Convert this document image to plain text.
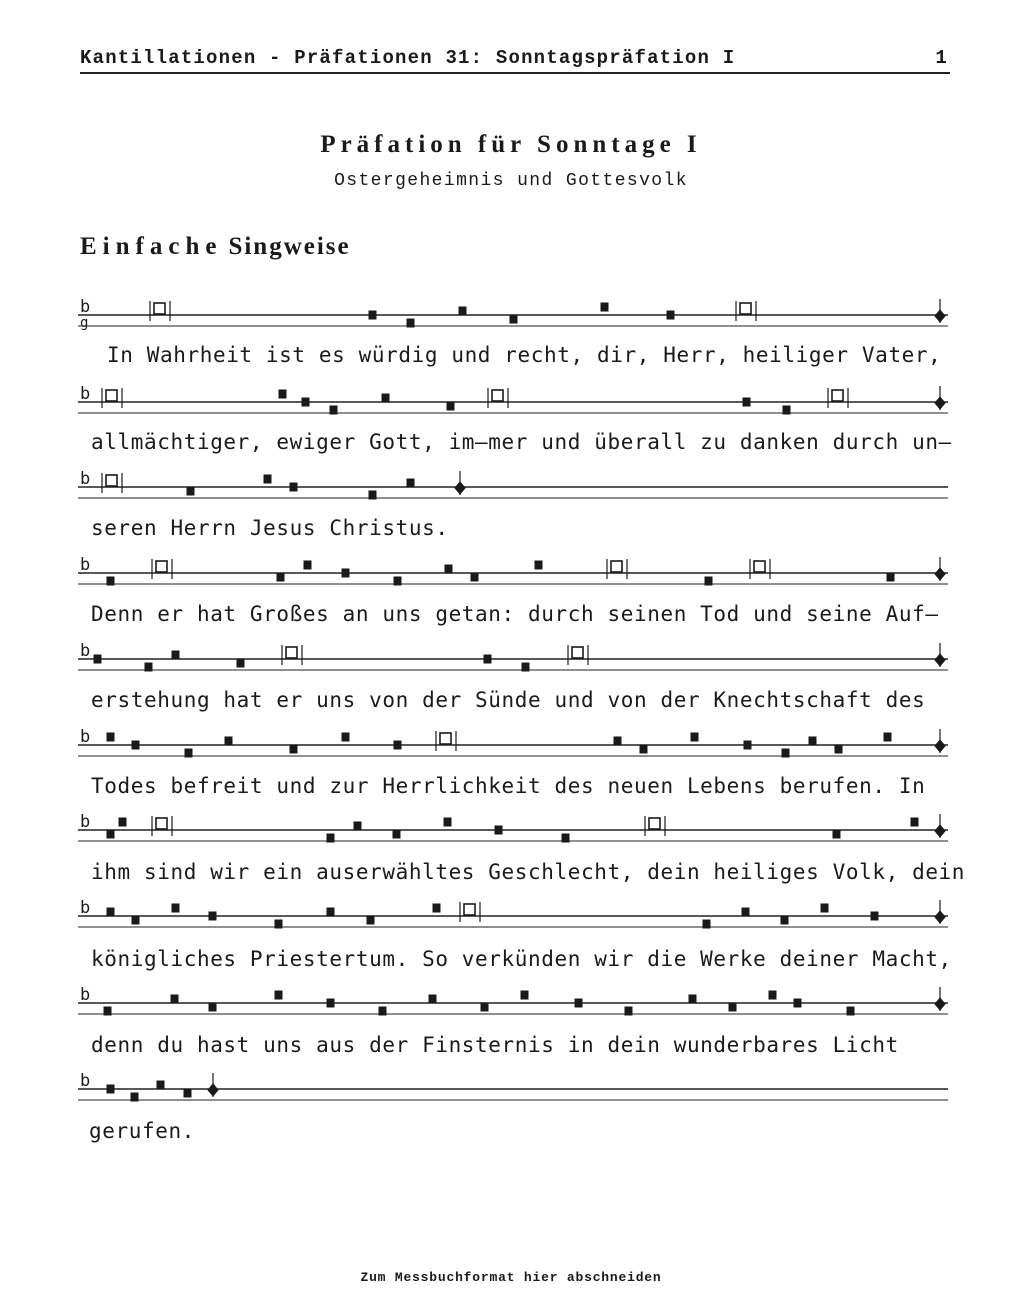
Kantillationen - Präfationen 31: Sonntagspräfation I	1
Präfation für Sonntage I
Ostergeheimnis und Gottesvolk
Einfache Singweise
b
g
b
b
b
b
b
b
b
b
b
In Wahrheit ist es würdig und recht, dir, Herr, heiliger Vater,
allmächtiger, ewiger Gott, im—mer und überall zu danken durch un—
seren Herrn Jesus Christus.
Denn er hat Großes an uns getan: durch seinen Tod und seine Auf—
erstehung hat er uns von der Sünde und von der Knechtschaft des
Todes befreit und zur Herrlichkeit des neuen Lebens berufen. In
ihm sind wir ein auserwähltes Geschlecht, dein heiliges Volk, dein
königliches Priestertum. So verkünden wir die Werke deiner Macht,
denn du hast uns aus der Finsternis in dein wunderbares Licht
gerufen.
Zum Messbuchformat hier abschneiden
